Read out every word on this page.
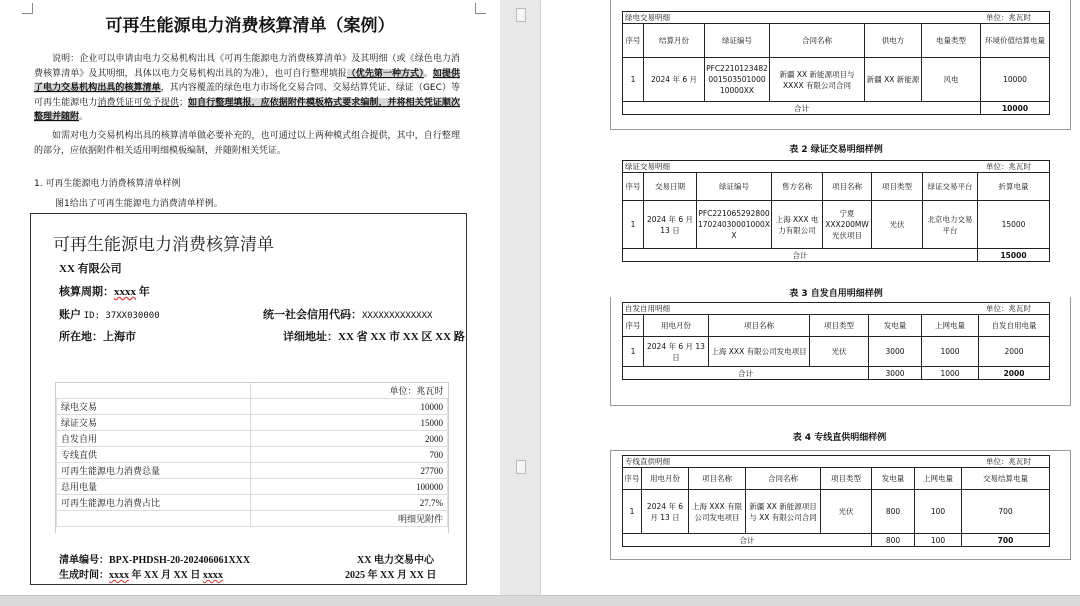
可再生能源电力消费核算清单（案例）
说明：企业可以申请由电力交易机构出具《可再生能源电力消费核算清单》及其明细（或《绿色电力消费核算清单》及其明细，具体以电力交易机构出具的为准），也可自行整理填报（优先第一种方式）。如提供了电力交易机构出具的核算清单，其内容覆盖的绿色电力市场化交易合同、交易结算凭证、绿证（GEC）等可再生能源电力消费凭证可免予提供；如自行整理填报，应依据附件模板格式要求编制，并将相关凭证顺次整理并随附。
如需对电力交易机构出具的核算清单做必要补充的，也可通过以上两种模式组合提供，其中，自行整理的部分，应依据附件相关适用明细模板编制，并随附相关凭证。
1. 可再生能源电力消费核算清单样例
图1给出了可再生能源电力消费清单样例。
可再生能源电力消费核算清单
XX 有限公司
核算周期：xxxx 年
账户 ID: 37XX030000	统一社会信用代码：XXXXXXXXXXXXX
所在地：上海市	详细地址：XX 省 XX 市 XX 区 XX 路
	单位：兆瓦时
绿电交易	10000
绿证交易	15000
自发自用	2000
专线直供	700
可再生能源电力消费总量	27700
总用电量	100000
可再生能源电力消费占比	27.7%
	明细见附件
清单编号：BPX-PHDSH-20-202406061XXX	XX 电力交易中心
生成时间：xxxx 年 XX 月 XX 日 xxxx	2025 年 XX 月 XX 日
绿电交易明细 单位：兆瓦时						

序号	结算月份	绿证编号	合同名称	供电方	电量类型	环境价值结算电量
1	2024 年 6 月	PFC221012348200150350100010000XX	新疆 XX 新能源项目与 XXXX 有限公司合同	新疆 XX 新能源	风电	10000
合计						10000
表 2 绿证交易明细样例
绿证交易明细 单位：兆瓦时							

序号	交易日期	绿证编号	售方名称	项目名称	项目类型	绿证交易平台	折算电量
1	2024 年 6 月 13 日	PFC22106529280017024030001000XX	上海 XXX 电力有限公司	宁夏 XXX200MW 光伏项目	光伏	北京电力交易平台	15000
合计							15000
表 3 自发自用明细样例
自发自用明细 单位：兆瓦时						

序号	用电月份	项目名称	项目类型	发电量	上网电量	自发自用电量
1	2024 年 6 月 13 日	上海 XXX 有限公司发电项目	光伏	3000	1000	2000
合计				3000	1000	2000
表 4 专线直供明细样例
专线直供明细 单位：兆瓦时							

序号	用电月份	项目名称	合同名称	项目类型	发电量	上网电量	交易结算电量
1	2024 年 6 月 13 日	上海 XXX 有限公司发电项目	新疆 XX 新能源项目与 XX 有限公司合同	光伏	800	100	700
合计					800	100	700
